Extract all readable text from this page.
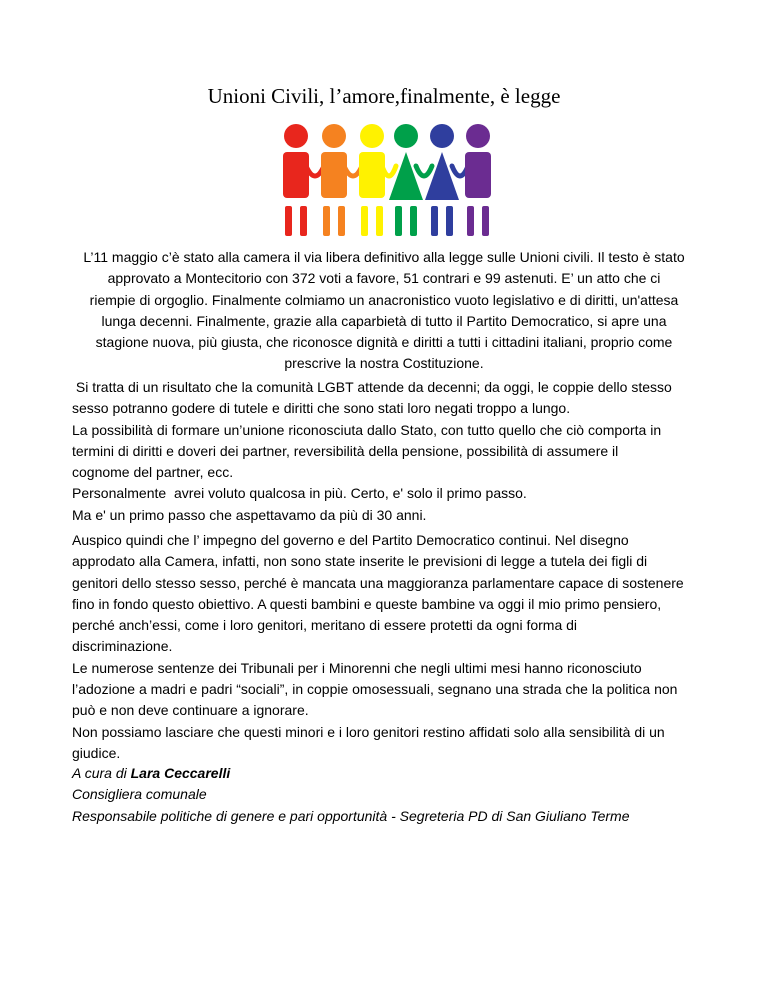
Unioni Civili, l’amore,finalmente, è legge

L’11 maggio c’è stato alla camera il via libera definitivo alla legge sulle Unioni civili. Il testo è stato

approvato a Montecitorio con 372 voti a favore, 51 contrari e 99 astenuti. E’ un atto che ci

riempie di orgoglio. Finalmente colmiamo un anacronistico vuoto legislativo e di diritti, un'attesa

lunga decenni. Finalmente, grazie alla caparbietà di tutto il Partito Democratico, si apre una

stagione nuova, più giusta, che riconosce dignità e diritti a tutti i cittadini italiani, proprio come

prescrive la nostra Costituzione.

Si tratta di un risultato che la comunità LGBT attende da decenni; da oggi, le coppie dello stesso

sesso potranno godere di tutele e diritti che sono stati loro negati troppo a lungo.

La possibilità di formare un’unione riconosciuta dallo Stato, con tutto quello che ciò comporta in

termini di diritti e doveri dei partner, reversibilità della pensione, possibilità di assumere il

cognome del partner, ecc.

Personalmente  avrei voluto qualcosa in più. Certo, e' solo il primo passo.

Ma e' un primo passo che aspettavamo da più di 30 anni.

Auspico quindi che l’ impegno del governo e del Partito Democratico continui. Nel disegno

approdato alla Camera, infatti, non sono state inserite le previsioni di legge a tutela dei figli di

genitori dello stesso sesso, perché è mancata una maggioranza parlamentare capace di sostenere

fino in fondo questo obiettivo. A questi bambini e queste bambine va oggi il mio primo pensiero,

perché anch’essi, come i loro genitori, meritano di essere protetti da ogni forma di

discriminazione.

Le numerose sentenze dei Tribunali per i Minorenni che negli ultimi mesi hanno riconosciuto

l’adozione a madri e padri “sociali”, in coppie omosessuali, segnano una strada che la politica non

può e non deve continuare a ignorare.

Non possiamo lasciare che questi minori e i loro genitori restino affidati solo alla sensibilità di un

giudice.

A cura di Lara Ceccarelli

Consigliera comunale

Responsabile politiche di genere e pari opportunità - Segreteria PD di San Giuliano Terme
